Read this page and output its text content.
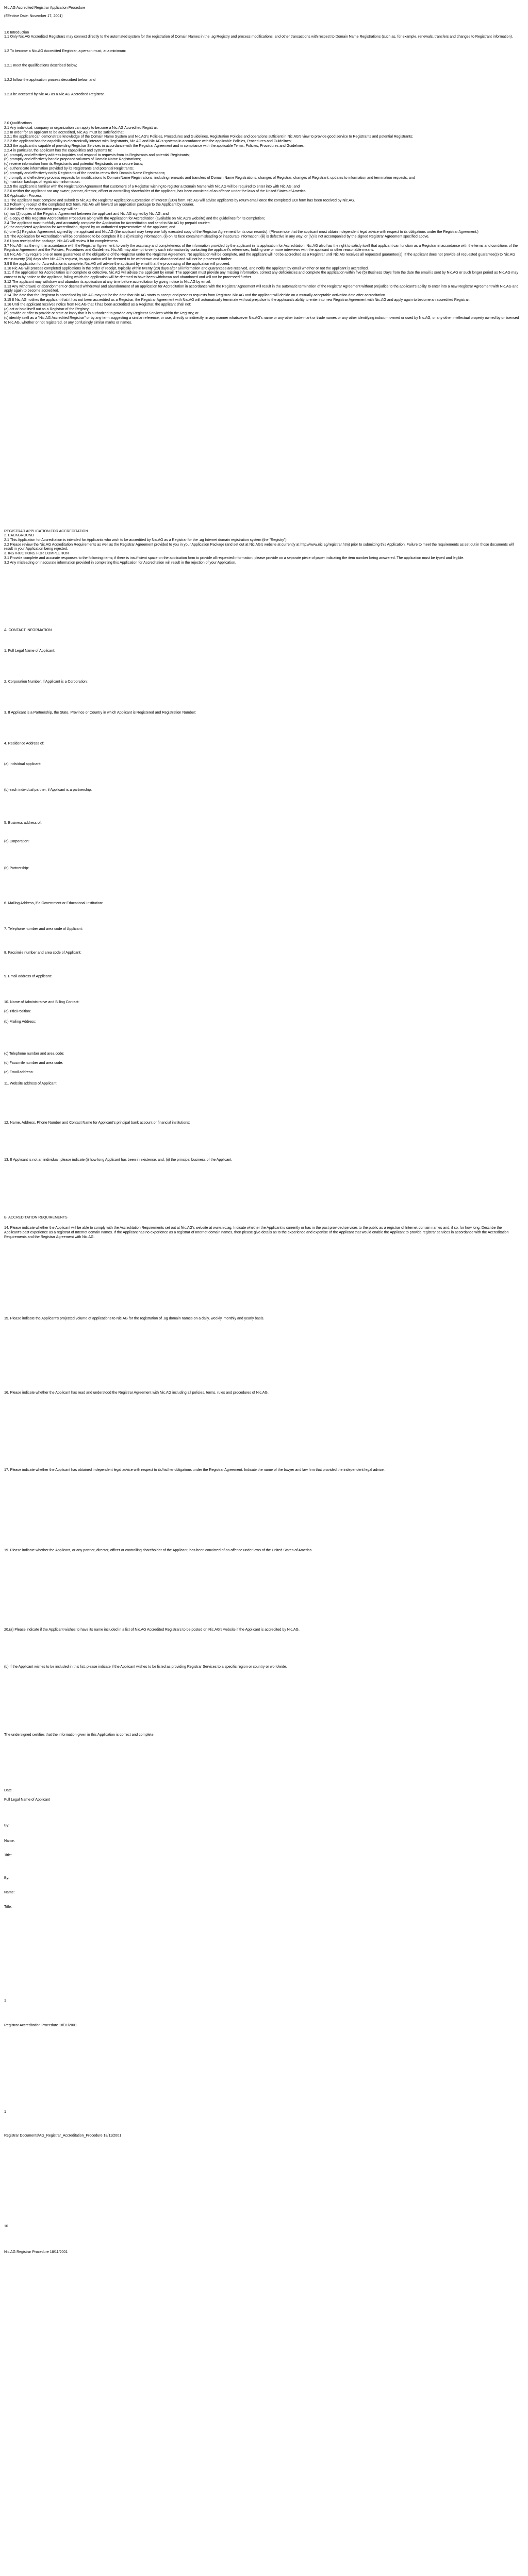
Nic.AG Accredited Registrar Application Procedure
(Effective Date: November 17, 2001)
1.0 Introduction
1.1 Only Nic.AG Accredited Registrars may connect directly to the automated system for the registration of Domain Names in the .ag Registry and process modifications, and other transactions with respect to Domain Name Registrations (such as, for example, renewals, transfers and changes to Registrant information).
1.2 To become a Nic.AG Accredited Registrar, a person must, at a minimum:
1.2.1 meet the qualifications described below;
1.2.2 follow the application process described below; and
1.2.3 be accepted by Nic.AG as a Nic.AG Accredited Registrar.
2.0 Qualifications
2.1 Any individual, company or organization can apply to become a Nic.AG Accredited Registrar.
2.2 In order for an applicant to be accredited, Nic.AG must be satisfied that:
2.2.1 the applicant can demonstrate knowledge of the Domain Name System and Nic.AG's Policies, Procedures and Guidelines, Registration Policies and operations sufficient in Nic.AG's view to provide good service to Registrants and potential Registrants;
2.2.2 the applicant has the capability to electronically interact with Registrants, Nic.AG and Nic.AG's systems in accordance with the applicable Policies, Procedures and Guidelines;
2.2.3 the applicant is capable of providing Registrar Services in accordance with the Registrar Agreement and in compliance with the applicable Terms, Policies, Procedures and Guidelines;
2.2.4 in particular, the applicant has the capabilities and systems to:
(a) promptly and effectively address inquiries and respond to requests from its Registrants and potential Registrants;
(b) promptly and effectively handle proposed volumes of Domain Name Registrations;
(c) receive information from its Registrants and potential Registrants on a secure basis;
(d) authenticate information provided by its Registrants and potential Registrants;
(e) promptly and effectively notify Registrants of the need to renew their Domain Name Registrations;
(f) promptly and effectively process requests for modifications to Domain Name Registrations, including renewals and transfers of Domain Name Registrations, changes of Registrar, changes of Registrant, updates to information and termination requests; and
(g) maintain backups of registration information.
2.2.5 the applicant is familiar with the Registration Agreement that customers of a Registrar wishing to register a Domain Name with Nic.AG will be required to enter into with Nic.AG; and
2.2.6 neither the applicant nor any owner, partner, director, officer or controlling shareholder of the applicant, has been convicted of an offence under the laws of the United States of America.
3.0 Application Process
3.1 The applicant must complete and submit to Nic.AG the Registrar Application Expression of Interest (EOI) form. Nic.AG will advise applicants by return email once the completed EOI form has been received by Nic.AG.
3.2 Following receipt of the completed EOI form, Nic.AG will forward an application package to the Applicant by courier.
3.3 Included in the application package will be:
(a) two (2) copies of the Registrar Agreement between the applicant and Nic.AG signed by Nic.AG; and
(b) a copy of this Registrar Accreditation Procedure along with the Application for Accreditation (available on Nic.AG's website) and the guidelines for its completion;
3.4 The applicant must truthfully and accurately complete the Application for Accreditation and send to Nic.AG by prepaid courier:
(a) the completed Application for Accreditation, signed by an authorized representative of the applicant; and
(b) one (1) Registrar Agreement, signed by the applicant and Nic.AG (the applicant may keep one fully executed copy of the Registrar Agreement for its own records). (Please note that the applicant must obtain independent legal advice with respect to its obligations under the Registrar Agreement.)
3.5 The Application for Accreditation will be considered to be complete if it is (i) missing information, (ii) on its face contains misleading or inaccurate information; (iii) is defective in any way; or (iv) is not accompanied by the signed Registrar Agreement specified above.
3.6 Upon receipt of the package, Nic.AG will review it for completeness.
3.7 Nic.AG has the right, in accordance with the Registrar Agreement, to verify the accuracy and completeness of the information provided by the applicant in its application for Accreditation. Nic.AG also has the right to satisfy itself that applicant can function as a Registrar in accordance with the terms and conditions of the Registrar Agreement and the Policies, Procedures and Guidelines. Nic.AG may attempt to verify such information by contacting the applicant's references, holding one or more interviews with the applicant or other reasonable means.
3.8 Nic.AG may require one or more guarantees of the obligations of the Registrar under the Registrar Agreement. No application will be complete, and the applicant will not be accredited as a Registrar until Nic.AG receives all requested guarantee(s). If the applicant does not provide all requested guarantee(s) to Nic.AG within twenty (20) days after Nic.AG's request, its application will be deemed to be withdrawn and abandoned and will not be processed further.
3.9 If the application for Accreditation is complete, Nic.AG will advise the applicant by email that the processing of the application will proceed.
3.10 Nic.AG will process completed applications in the order of receipt, typically within twenty (20) days after all information and guarantees are received, and notify the applicant by email whether or not the applicant is accredited.
3.11 If the application for Accreditation is incomplete or defective, Nic.AG will advise the applicant by email. The applicant must provide any missing information, correct any deficiencies and complete the application within five (5) Business Days from the date the email is sent by Nic.AG or such longer period as Nic.AG may consent to by notice to the applicant, failing which the application will be deemed to have been withdrawn and abandoned and will not be processed further.
3.12 The applicant may withdraw and abandon its application at any time before accreditation by giving notice to Nic.AG by email.
3.13 Any withdrawal or abandonment or deemed withdrawal and abandonment of an application for Accreditation in accordance with the Registrar Agreement will result in the automatic termination of the Registrar Agreement without prejudice to the applicant's ability to enter into a new Registrar Agreement with Nic.AG and apply again to become accredited.
3.14 The date that the Registrar is accredited by Nic.AG may not be the date that Nic.AG starts to accept and process requests from Registrar. Nic.AG and the applicant will decide on a mutually acceptable activation date after accreditation.
3.15 If Nic.AG notifies the applicant that it has not been accredited as a Registrar, the Registrar Agreement with Nic.AG will automatically terminate without prejudice to the applicant's ability to enter into new Registrar Agreement with Nic.AG and apply again to become an accredited Registrar.
3.16 Until the applicant receives notice from Nic.AG that it has been accredited as a Registrar, the applicant shall not:
(a) act or hold itself out as a Registrar of the Registry;
(b) provide or offer to provide or state or imply that it is authorized to provide any Registrar Services within the Registry; or
(c) identify itself as a "Nic.AG Accredited Registrar" or by any term suggesting a similar reference, or use, directly or indirectly, in any manner whatsoever Nic.AG's name or any other trade-mark or trade names or any other identifying indicium owned or used by Nic.AG, or any other intellectual property owned by or licensed to Nic.AG, whether or not registered, or any confusingly similar marks or names.
REGISTRAR APPLICATION FOR ACCREDITATION
2. BACKGROUND
2.1 This Application for Accreditation is intended for Applicants who wish to be accredited by Nic.AG as a Registrar for the .ag Internet domain registration system (the "Registry").
2.2 Please review the Nic.AG Accreditation Requirements as well as the Registrar Agreement provided to you in your Application Package (and set out at Nic.AG's website at currently at http://www.nic.ag/registrar.htm) prior to submitting this Application. Failure to meet the requirements as set out in those documents will result in your Application being rejected.
3. INSTRUCTIONS FOR COMPLETION
3.1 Provide complete and accurate responses to the following items; if there is insufficient space on the application form to provide all requested information, please provide on a separate piece of paper indicating the item number being answered. The application must be typed and legible.
3.2 Any misleading or inaccurate information provided in completing this Application for Accreditation will result in the rejection of your Application.
A. CONTACT INFORMATION
1. Full Legal Name of Applicant:
2. Corporation Number, if Applicant is a Corporation:
3. If Applicant is a Partnership, the State, Province or Country in which Applicant is Registered and Registration Number:
4. Residence Address of:
(a) Individual applicant:
(b) each individual partner, if Applicant is a partnership:
5. Business address of:
(a) Corporation:
(b) Partnership:
6. Mailing Address, if a Government or Educational Institution:
7. Telephone number and area code of Applicant:
8. Facsimile number and area code of Applicant:
9. Email address of Applicant:
10. Name of Administrative and Billing Contact:
(a) Title/Position:
(b) Mailing Address:
(c) Telephone number and area code:
(d) Facsimile number and area code:
(e) Email address:
11. Website address of Applicant:
12. Name, Address, Phone Number and Contact Name for Applicant's principal bank account or financial institutions:
13. If Applicant is not an individual, please indicate (i) how long Applicant has been in existence, and, (ii) the principal business of the Applicant.
B. ACCREDITATION REQUIREMENTS
14. Please indicate whether the Applicant will be able to comply with the Accreditation Requirements set out at Nic.AG's website at www.nic.ag. Indicate whether the Applicant is currently or has in the past provided services to the public as a registrar of Internet domain names and, if so, for how long. Describe the Applicant's past experience as a registrar of Internet domain names. If the Applicant has no experience as a registrar of Internet domain names, then please give details as to the experience and expertise of the Applicant that would enable the Applicant to provide registrar services in accordance with the Accreditation Requirements and the Registrar Agreement with Nic.AG.
15. Please indicate the Applicant's projected volume of applications to Nic.AG for the registration of .ag domain names on a daily, weekly, monthly and yearly basis.
16. Please indicate whether the Applicant has read and understood the Registrar Agreement with Nic.AG including all policies, terms, rules and procedures of Nic.AG.
17. Please indicate whether the Applicant has obtained independent legal advice with respect to its/his/her obligations under the Registrar Agreement. Indicate the name of the lawyer and law firm that provided the independent legal advice.
19. Please indicate whether the Applicant, or any partner, director, officer or controlling shareholder of the Applicant, has been convicted of an offence under laws of the United States of America.
20.(a) Please indicate if the Applicant wishes to have its name included in a list of Nic.AG Accredited Registrars to be posted on Nic.AG's website if the Applicant is accredited by Nic.AG.
(b) If the Applicant wishes to be included in this list, please indicate if the Applicant wishes to be listed as providing Registrar Services to a specific region or country or worldwide.
The undersigned certifies that the information given in this Application is correct and complete.
Date
Full Legal Name of Applicant
By:
Name:
Title:
By:
Name:
Title:
1
Registrar Accreditation Procedure 18/11/2001
1
Registrar Documents\AG_Registrar_Accreditation_Procedure 18/11/2001
10
Nic.AG Registrar Procedure 18/11/2001
